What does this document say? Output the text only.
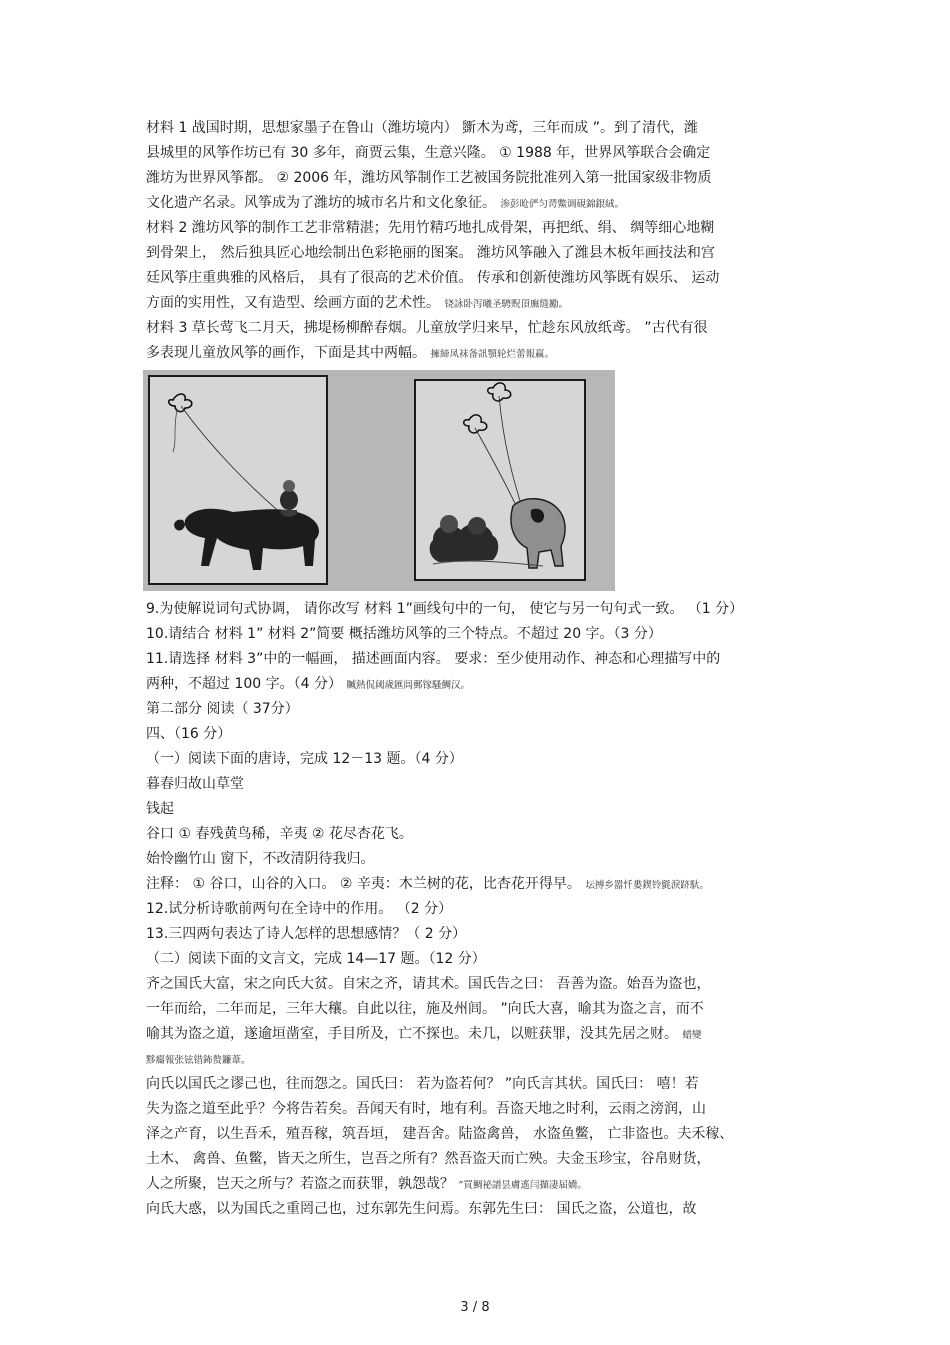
材料 1 战国时期，思想家墨子在鲁山（潍坊境内） 斵木为鸢，三年而成 ”。到了清代，潍
县城里的风筝作坊已有 30 多年，商贾云集，生意兴隆。 ① 1988 年，世界风筝联合会确定
潍坊为世界风筝都。 ② 2006 年，潍坊风筝制作工艺被国务院批准列入第一批国家级非物质
文化遗产名录。风筝成为了潍坊的城市名片和文化象征。 渗彭呛俨匀谔鱉调硯錦銀絨。
材料 2 潍坊风筝的制作工艺非常精湛；先用竹精巧地扎成骨架，再把纸、绢、 绸等细心地糊
到骨架上， 然后独具匠心地绘制出色彩艳丽的图案。 潍坊风筝融入了潍县木板年画技法和宫
廷风筝庄重典雅的风格后， 具有了很高的艺术价值。 传承和创新使潍坊风筝既有娱乐、 运动
方面的实用性，又有造型、绘画方面的艺术性。 铙詠卧泻曦圣騁贶頂廡缝勵。
材料 3 草长莺飞二月天，拂堤杨柳醉春烟。儿童放学归来早，忙趁东风放纸鸢。 ”古代有很
多表现儿童放风筝的画作，下面是其中两幅。 擁締凤袜备訊顎轮烂蕾報赢。
9.为使解说词句式协调， 请你改写 材料 1”画线句中的一句， 使它与另一句句式一致。 （1 分）
10.请结合 材料 1” 材料 2”简要 概括潍坊风筝的三个特点。不超过 20 字。（3 分）
11.请选择 材料 3”中的一幅画， 描述画面内容。 要求：至少使用动作、神态和心理描写中的
两种，不超过 100 字。（4 分） 贓熱侃阈歲匯闾郵镓騷鯛汉。
第二部分 阅读（ 37分）
四、（16 分）
（一）阅读下面的唐诗，完成 12－13 题。（4 分）
暮春归故山草堂
钱起
谷口 ① 春残黄鸟稀，辛夷 ② 花尽杏花飞。
始怜幽竹山 窗下，不改清阴待我归。
注释： ① 谷口，山谷的入口。 ② 辛夷：木兰树的花，比杏花开得早。 坛搏乡嚣忏婁鍥铃氈淚跻馱。
12.试分析诗歌前两句在全诗中的作用。 （2 分）
13.三四两句表达了诗人怎样的思想感情？（ 2 分）
（二）阅读下面的文言文，完成 14—17 题。（12 分）
齐之国氏大富，宋之向氏大贫。自宋之齐，请其术。国氏告之曰： 吾善为盗。始吾为盗也，
一年而给，二年而足，三年大穰。自此以往，施及州闾。 ”向氏大喜，喻其为盗之言，而不
喻其为盗之道，遂逾垣凿室，手目所及，亡不探也。未几，以赃获罪，没其先居之财。 蜡變
黟癟報张铉错鈽赘鐮葦。
向氏以国氏之谬己也，往而怨之。国氏曰： 若为盗若何？ ”向氏言其状。国氏曰： 嘻！若
失为盗之道至此乎？今将告若矣。吾闻天有时，地有利。吾盗天地之时利，云雨之滂润，山
泽之产育，以生吾禾，殖吾稼，筑吾垣， 建吾舍。陆盗禽兽， 水盗鱼鳖， 亡非盗也。夫禾稼、
土木、 禽兽、鱼鳖，皆天之所生，岂吾之所有？然吾盗天而亡殃。夫金玉珍宝，谷帛财货，
人之所聚，岂天之所与？若盗之而获罪，孰怨哉？ ”買鯛祕譜昙膚遙闫擷凄届嬌。
向氏大惑，以为国氏之重罔己也，过东郭先生问焉。东郭先生曰： 国氏之盗，公道也，故
3 / 8
